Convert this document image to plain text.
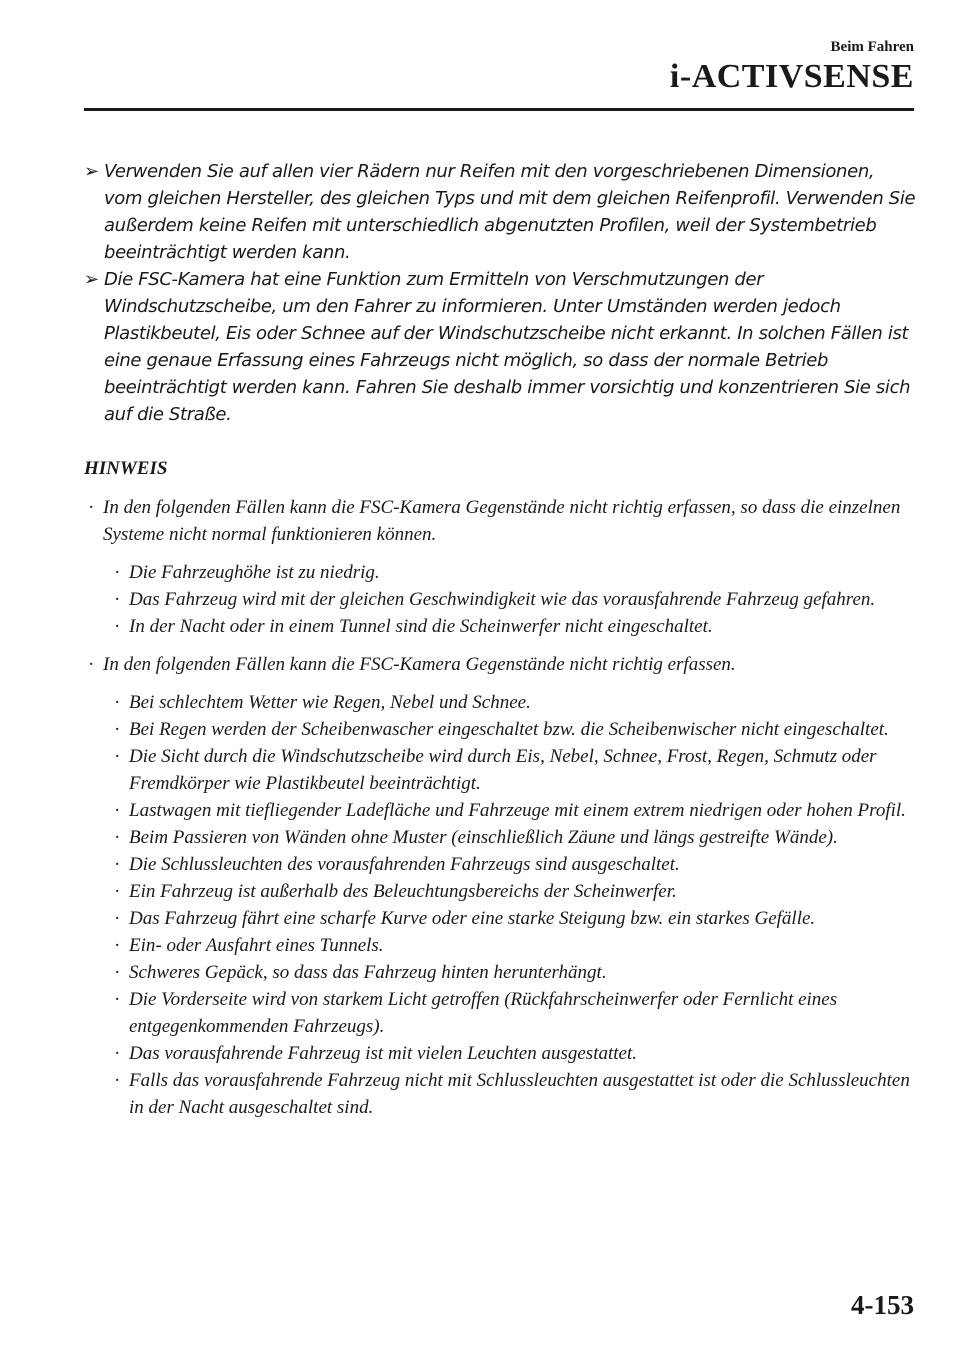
Beim Fahren
i-ACTIVSENSE
➢ Verwenden Sie auf allen vier Rädern nur Reifen mit den vorgeschriebenen Dimensionen, vom gleichen Hersteller, des gleichen Typs und mit dem gleichen Reifenprofil. Verwenden Sie außerdem keine Reifen mit unterschiedlich abgenutzten Profilen, weil der Systembetrieb beeinträchtigt werden kann.
➢ Die FSC-Kamera hat eine Funktion zum Ermitteln von Verschmutzungen der Windschutzscheibe, um den Fahrer zu informieren. Unter Umständen werden jedoch Plastikbeutel, Eis oder Schnee auf der Windschutzscheibe nicht erkannt. In solchen Fällen ist eine genaue Erfassung eines Fahrzeugs nicht möglich, so dass der normale Betrieb beeinträchtigt werden kann. Fahren Sie deshalb immer vorsichtig und konzentrieren Sie sich auf die Straße.
HINWEIS
· In den folgenden Fällen kann die FSC-Kamera Gegenstände nicht richtig erfassen, so dass die einzelnen Systeme nicht normal funktionieren können.
· Die Fahrzeughöhe ist zu niedrig.
· Das Fahrzeug wird mit der gleichen Geschwindigkeit wie das vorausfahrende Fahrzeug gefahren.
· In der Nacht oder in einem Tunnel sind die Scheinwerfer nicht eingeschaltet.
· In den folgenden Fällen kann die FSC-Kamera Gegenstände nicht richtig erfassen.
· Bei schlechtem Wetter wie Regen, Nebel und Schnee.
· Bei Regen werden der Scheibenwascher eingeschaltet bzw. die Scheibenwischer nicht eingeschaltet.
· Die Sicht durch die Windschutzscheibe wird durch Eis, Nebel, Schnee, Frost, Regen, Schmutz oder Fremdkörper wie Plastikbeutel beeinträchtigt.
· Lastwagen mit tiefliegender Ladefläche und Fahrzeuge mit einem extrem niedrigen oder hohen Profil.
· Beim Passieren von Wänden ohne Muster (einschließlich Zäune und längs gestreifte Wände).
· Die Schlussleuchten des vorausfahrenden Fahrzeugs sind ausgeschaltet.
· Ein Fahrzeug ist außerhalb des Beleuchtungsbereichs der Scheinwerfer.
· Das Fahrzeug fährt eine scharfe Kurve oder eine starke Steigung bzw. ein starkes Gefälle.
· Ein- oder Ausfahrt eines Tunnels.
· Schweres Gepäck, so dass das Fahrzeug hinten herunterhängt.
· Die Vorderseite wird von starkem Licht getroffen (Rückfahrscheinwerfer oder Fernlicht eines entgegenkommenden Fahrzeugs).
· Das vorausfahrende Fahrzeug ist mit vielen Leuchten ausgestattet.
· Falls das vorausfahrende Fahrzeug nicht mit Schlussleuchten ausgestattet ist oder die Schlussleuchten in der Nacht ausgeschaltet sind.
4-153
